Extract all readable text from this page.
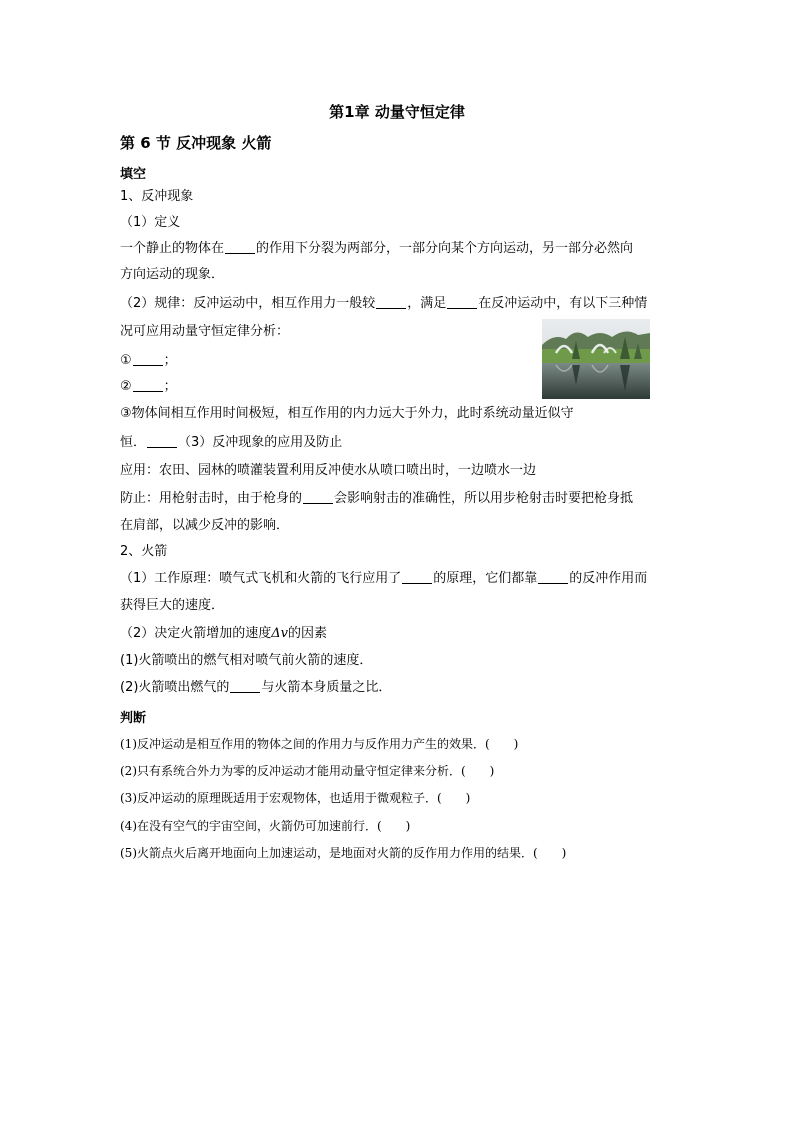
第1章 动量守恒定律
第 6 节 反冲现象 火箭
填空
1、反冲现象
（1）定义
一个静止的物体在 的作用下分裂为两部分，一部分向某个方向运动，另一部分必然向
方向运动的现象．
（2）规律：反冲运动中，相互作用力一般较 ，满足 在反冲运动中，有以下三种情
况可应用动量守恒定律分析：
① ；
② ；
③物体间相互作用时间极短，相互作用的内力远大于外力，此时系统动量近似守
恒． （3）反冲现象的应用及防止
应用：农田、园林的喷灌装置利用反冲使水从喷口喷出时，一边喷水一边
防止：用枪射击时，由于枪身的 会影响射击的准确性，所以用步枪射击时要把枪身抵
在肩部，以减少反冲的影响．
2、火箭
（1）工作原理：喷气式飞机和火箭的飞行应用了 的原理，它们都靠 的反冲作用而
获得巨大的速度．
（2）决定火箭增加的速度Δv的因素
(1)火箭喷出的燃气相对喷气前火箭的速度．
(2)火箭喷出燃气的 与火箭本身质量之比．
判断
(1)反冲运动是相互作用的物体之间的作用力与反作用力产生的效果．(　　)
(2)只有系统合外力为零的反冲运动才能用动量守恒定律来分析．(　　)
(3)反冲运动的原理既适用于宏观物体，也适用于微观粒子．(　　)
(4)在没有空气的宇宙空间，火箭仍可加速前行．(　　)
(5)火箭点火后离开地面向上加速运动，是地面对火箭的反作用力作用的结果．(　　)
